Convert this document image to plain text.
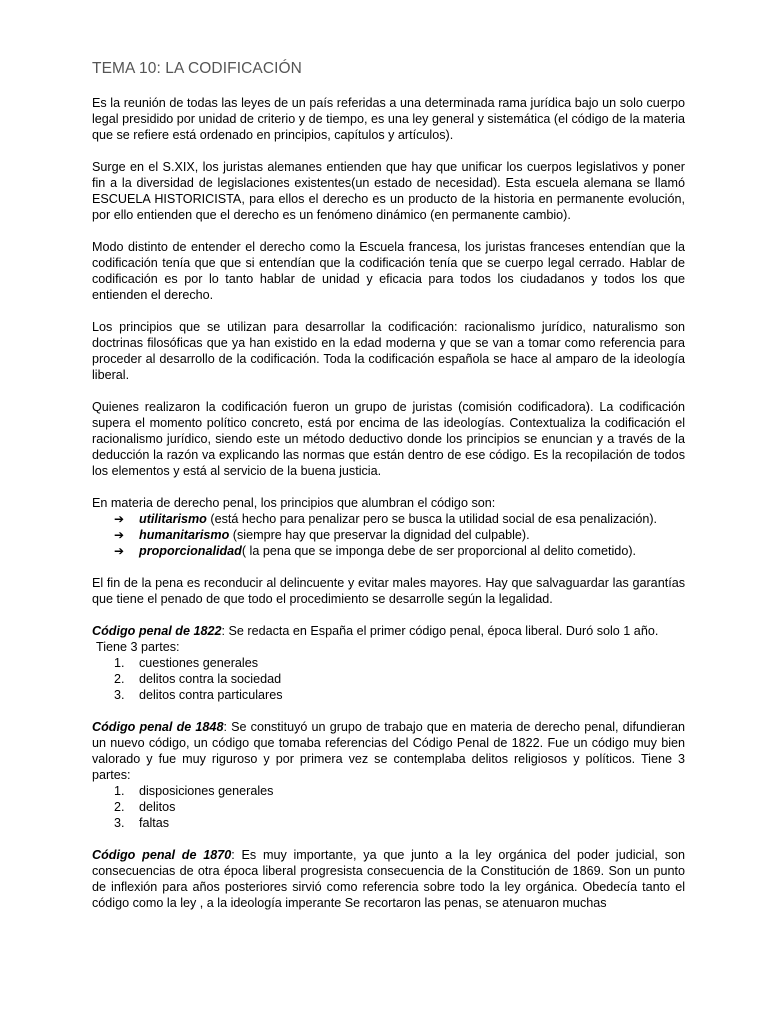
TEMA 10: LA CODIFICACIÓN

Es la reunión de todas las leyes de un país referidas a una determinada rama jurídica bajo un solo cuerpo legal presidido por unidad de criterio y de tiempo, es una ley general y sistemática (el código de la materia que se refiere está ordenado en principios, capítulos y artículos).

Surge en el S.XIX, los juristas alemanes entienden que hay que unificar los cuerpos legislativos y poner fin a la diversidad de legislaciones existentes(un estado de necesidad). Esta escuela alemana se llamó ESCUELA HISTORICISTA, para ellos el derecho es un producto de la historia en permanente evolución, por ello entienden que el derecho es un fenómeno dinámico (en permanente cambio).

Modo distinto de entender el derecho como la Escuela francesa, los juristas franceses entendían que la codificación tenía que que si entendían que la codificación tenía que se cuerpo legal cerrado. Hablar de codificación es por lo tanto hablar de unidad y eficacia para todos los ciudadanos y todos los que entienden el derecho.

Los principios que se utilizan para desarrollar la codificación: racionalismo jurídico, naturalismo son doctrinas filosóficas que ya han existido en la edad moderna y que se van a tomar como referencia para proceder al desarrollo de la codificación. Toda la codificación española se hace al amparo de la ideología liberal.

Quienes realizaron la codificación fueron un grupo de juristas (comisión codificadora). La codificación supera el momento político concreto, está por encima de las ideologías. Contextualiza la codificación el racionalismo jurídico, siendo este un método deductivo donde los principios se enuncian y a través de la deducción la razón va explicando las normas que están dentro de ese código. Es la recopilación de todos los elementos y está al servicio de la buena justicia.

En materia de derecho penal, los principios que alumbran el código son:

➔ utilitarismo (está hecho para penalizar pero se busca la utilidad social de esa penalización).
➔ humanitarismo (siempre hay que preservar la dignidad del culpable).
➔ proporcionalidad( la pena que se imponga debe de ser proporcional al delito cometido).

El fin de la pena es reconducir al delincuente y evitar males mayores. Hay que salvaguardar las garantías que tiene el penado de que todo el procedimiento se desarrolle según la legalidad.

Código penal de 1822: Se redacta en España el primer código penal, época liberal. Duró solo 1 año.

Tiene 3 partes:

1. cuestiones generales
2. delitos contra la sociedad
3. delitos contra particulares

Código penal de 1848: Se constituyó un grupo de trabajo que en materia de derecho penal, difundieran un nuevo código, un código que tomaba referencias del Código Penal de 1822. Fue un código muy bien valorado y fue muy riguroso y por primera vez se contemplaba delitos religiosos y políticos. Tiene 3 partes:

1. disposiciones generales
2. delitos
3. faltas

Código penal de 1870: Es muy importante, ya que junto a la ley orgánica del poder judicial, son consecuencias de otra época liberal progresista consecuencia de la Constitución de 1869. Son un punto de inflexión para años posteriores sirvió como referencia sobre todo la ley orgánica. Obedecía tanto el código como la ley , a la ideología imperante Se recortaron las penas, se atenuaron muchas
